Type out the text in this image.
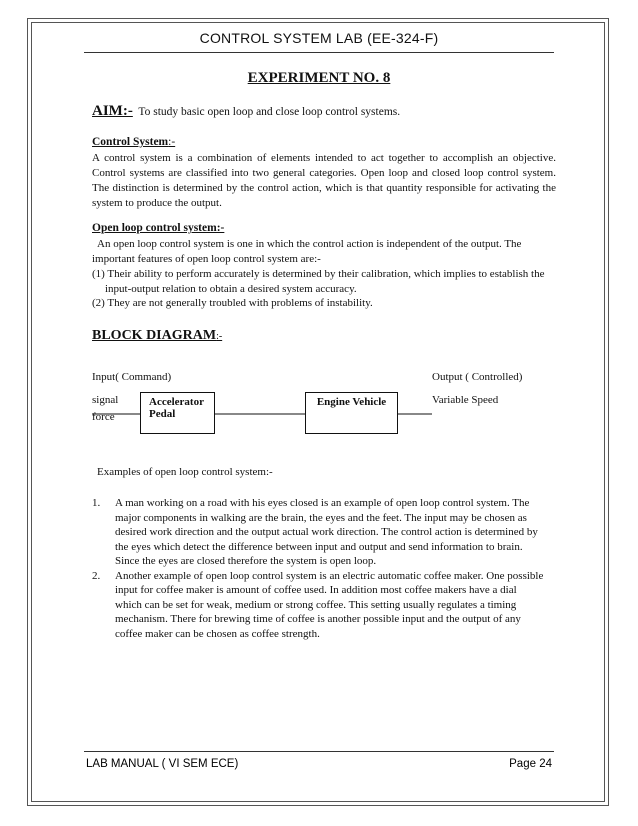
CONTROL SYSTEM LAB (EE-324-F)
EXPERIMENT NO. 8
AIM:- To study basic open loop and close loop control systems.
Control System:-
A control system is a combination of elements intended to act together to accomplish an objective. Control systems are classified into two general categories. Open loop and closed loop control system. The distinction is determined by the control action, which is that quantity responsible for activating the system to produce the output.
Open loop control system:-
An open loop control system is one in which the control action is independent of the output. The important features of open loop control system are:-
(1) Their ability to perform accurately is determined by their calibration, which implies to establish the input-output relation to obtain a desired system accuracy.
(2) They are not generally troubled with problems of instability.
BLOCK DIAGRAM:-
Input( Command)	Output ( Controlled)
signal
force
Accelerator
Pedal
Engine Vehicle	Variable Speed
Examples of open loop control system:-
1.	A man working on a road with his eyes closed is an example of open loop control system. The major components in walking are the brain, the eyes and the feet. The input may be chosen as desired work direction and the output actual work direction. The control action is determined by the eyes which detect the difference between input and output and send information to brain. Since the eyes are closed therefore the system is open loop.
2.	Another example of open loop control system is an electric automatic coffee maker. One possible input for coffee maker is amount of coffee used. In addition most coffee makers have a dial which can be set for weak, medium or strong coffee. This setting usually regulates a timing mechanism. There for brewing time of coffee is another possible input and the output of any coffee maker can be chosen as coffee strength.
LAB MANUAL ( VI SEM ECE)	Page 24
